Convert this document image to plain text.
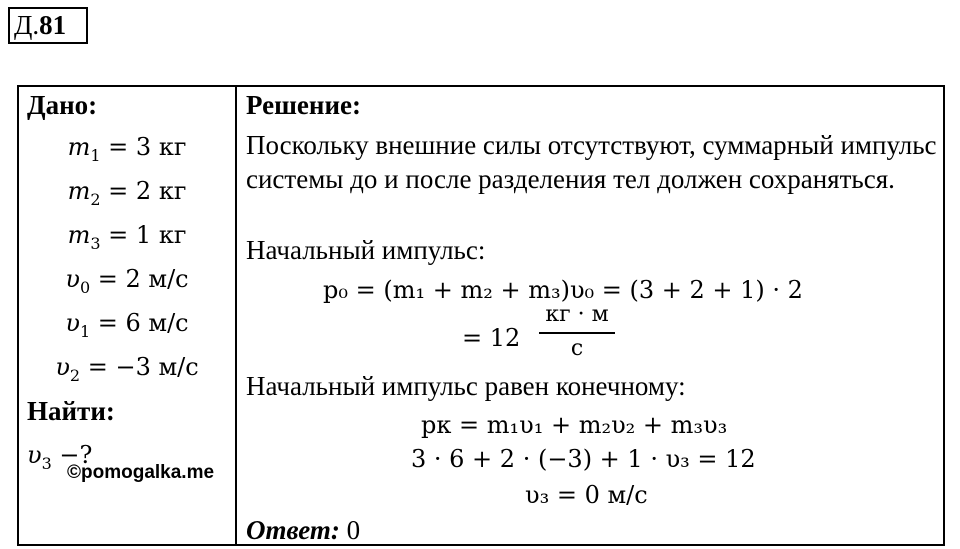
Д.81
Дано:
$m_1 = 3$ кг
$m_2 = 2$ кг
$m_3 = 1$ кг
$\upsilon_0 = 2$ м/с
$\upsilon_1 = 6$ м/с
$\upsilon_2 = -3$ м/с
Найти:
$\upsilon_3$ −?
©pomogalka.me
Решение:
Поскольку внешние силы отсутствуют, суммарный импульс системы до и после разделения тел должен сохраняться.
Начальный импульс:
p₀ = (m₁ + m₂ + m₃)υ₀ = (3 + 2 + 1) · 2
= 12
кг · м
с
Начальный импульс равен конечному:
pк = m₁υ₁ + m₂υ₂ + m₃υ₃
3 · 6 + 2 · (−3) + 1 · υ₃ = 12
υ₃ = 0 м/с
Ответ: 0
